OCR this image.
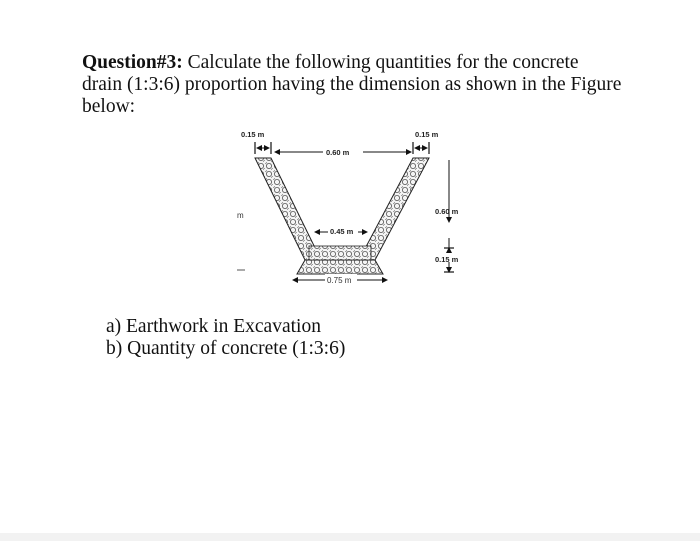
Question#3: Calculate the following quantities for the concrete drain (1:3:6) proportion having the dimension as shown in the Figure below:
0.15 m
0.60 m
0.15 m
0.60 m
0.15 m
0.45 m
0.75 m
m
a) Earthwork in Excavation
b) Quantity of concrete (1:3:6)
